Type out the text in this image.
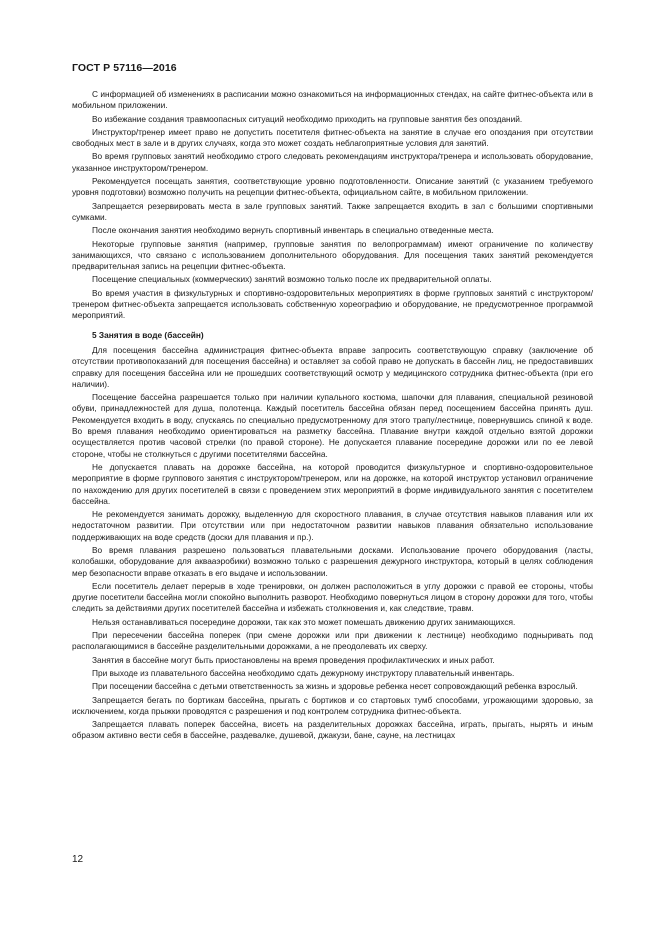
ГОСТ Р 57116—2016

С информацией об изменениях в расписании можно ознакомиться на информационных стендах, на сайте фитнес-объекта или в мобильном приложении.

Во избежание создания травмоопасных ситуаций необходимо приходить на групповые занятия без опозданий.

Инструктор/тренер имеет право не допустить посетителя фитнес-объекта на занятие в случае его опоздания при отсутствии свободных мест в зале и в других случаях, когда это может создать неблагоприятные условия для занятий.

Во время групповых занятий необходимо строго следовать рекомендациям инструктора/тренера и использовать оборудование, указанное инструктором/тренером.

Рекомендуется посещать занятия, соответствующие уровню подготовленности. Описание занятий (с указанием требуемого уровня подготовки) возможно получить на рецепции фитнес-объекта, официальном сайте, в мобильном приложении.

Запрещается резервировать места в зале групповых занятий. Также запрещается входить в зал с большими спортивными сумками.

После окончания занятия необходимо вернуть спортивный инвентарь в специально отведенные места.

Некоторые групповые занятия (например, групповые занятия по велопрограммам) имеют ограничение по количеству занимающихся, что связано с использованием дополнительного оборудования. Для посещения таких занятий рекомендуется предварительная запись на рецепции фитнес-объекта.

Посещение специальных (коммерческих) занятий возможно только после их предварительной оплаты.

Во время участия в физкультурных и спортивно-оздоровительных мероприятиях в форме групповых занятий с инструктором/тренером фитнес-объекта запрещается использовать собственную хореографию и оборудование, не предусмотренное программой мероприятий.

5 Занятия в воде (бассейн)

Для посещения бассейна администрация фитнес-объекта вправе запросить соответствующую справку (заключение об отсутствии противопоказаний для посещения бассейна) и оставляет за собой право не допускать в бассейн лиц, не предоставивших справку для посещения бассейна или не прошедших соответствующий осмотр у медицинского сотрудника фитнес-объекта (при его наличии).

Посещение бассейна разрешается только при наличии купального костюма, шапочки для плавания, специальной резиновой обуви, принадлежностей для душа, полотенца. Каждый посетитель бассейна обязан перед посещением бассейна принять душ. Рекомендуется входить в воду, спускаясь по специально предусмотренному для этого трапу/лестнице, повернувшись спиной к воде. Во время плавания необходимо ориентироваться на разметку бассейна. Плавание внутри каждой отдельно взятой дорожки осуществляется против часовой стрелки (по правой стороне). Не допускается плавание посередине дорожки или по ее левой стороне, чтобы не столкнуться с другими посетителями бассейна.

Не допускается плавать на дорожке бассейна, на которой проводится физкультурное и спортивно-оздоровительное мероприятие в форме группового занятия с инструктором/тренером, или на дорожке, на которой инструктор установил ограничение по нахождению для других посетителей в связи с проведением этих мероприятий в форме индивидуального занятия с посетителем бассейна.

Не рекомендуется занимать дорожку, выделенную для скоростного плавания, в случае отсутствия навыков плавания или их недостаточном развитии. При отсутствии или при недостаточном развитии навыков плавания обязательно использование поддерживающих на воде средств (доски для плавания и пр.).

Во время плавания разрешено пользоваться плавательными досками. Использование прочего оборудования (ласты, колобашки, оборудование для аквааэробики) возможно только с разрешения дежурного инструктора, который в целях соблюдения мер безопасности вправе отказать в его выдаче и использовании.

Если посетитель делает перерыв в ходе тренировки, он должен расположиться в углу дорожки с правой ее стороны, чтобы другие посетители бассейна могли спокойно выполнить разворот. Необходимо повернуться лицом в сторону дорожки для того, чтобы следить за действиями других посетителей бассейна и избежать столкновения и, как следствие, травм.

Нельзя останавливаться посередине дорожки, так как это может помешать движению других занимающихся.

При пересечении бассейна поперек (при смене дорожки или при движении к лестнице) необходимо подныривать под располагающимися в бассейне разделительными дорожками, а не преодолевать их сверху.

Занятия в бассейне могут быть приостановлены на время проведения профилактических и иных работ.

При выходе из плавательного бассейна необходимо сдать дежурному инструктору плавательный инвентарь.

При посещении бассейна с детьми ответственность за жизнь и здоровье ребенка несет сопровождающий ребенка взрослый.

Запрещается бегать по бортикам бассейна, прыгать с бортиков и со стартовых тумб способами, угрожающими здоровью, за исключением, когда прыжки проводятся с разрешения и под контролем сотрудника фитнес-объекта.

Запрещается плавать поперек бассейна, висеть на разделительных дорожках бассейна, играть, прыгать, нырять и иным образом активно вести себя в бассейне, раздевалке, душевой, джакузи, бане, сауне, на лестницах

12
